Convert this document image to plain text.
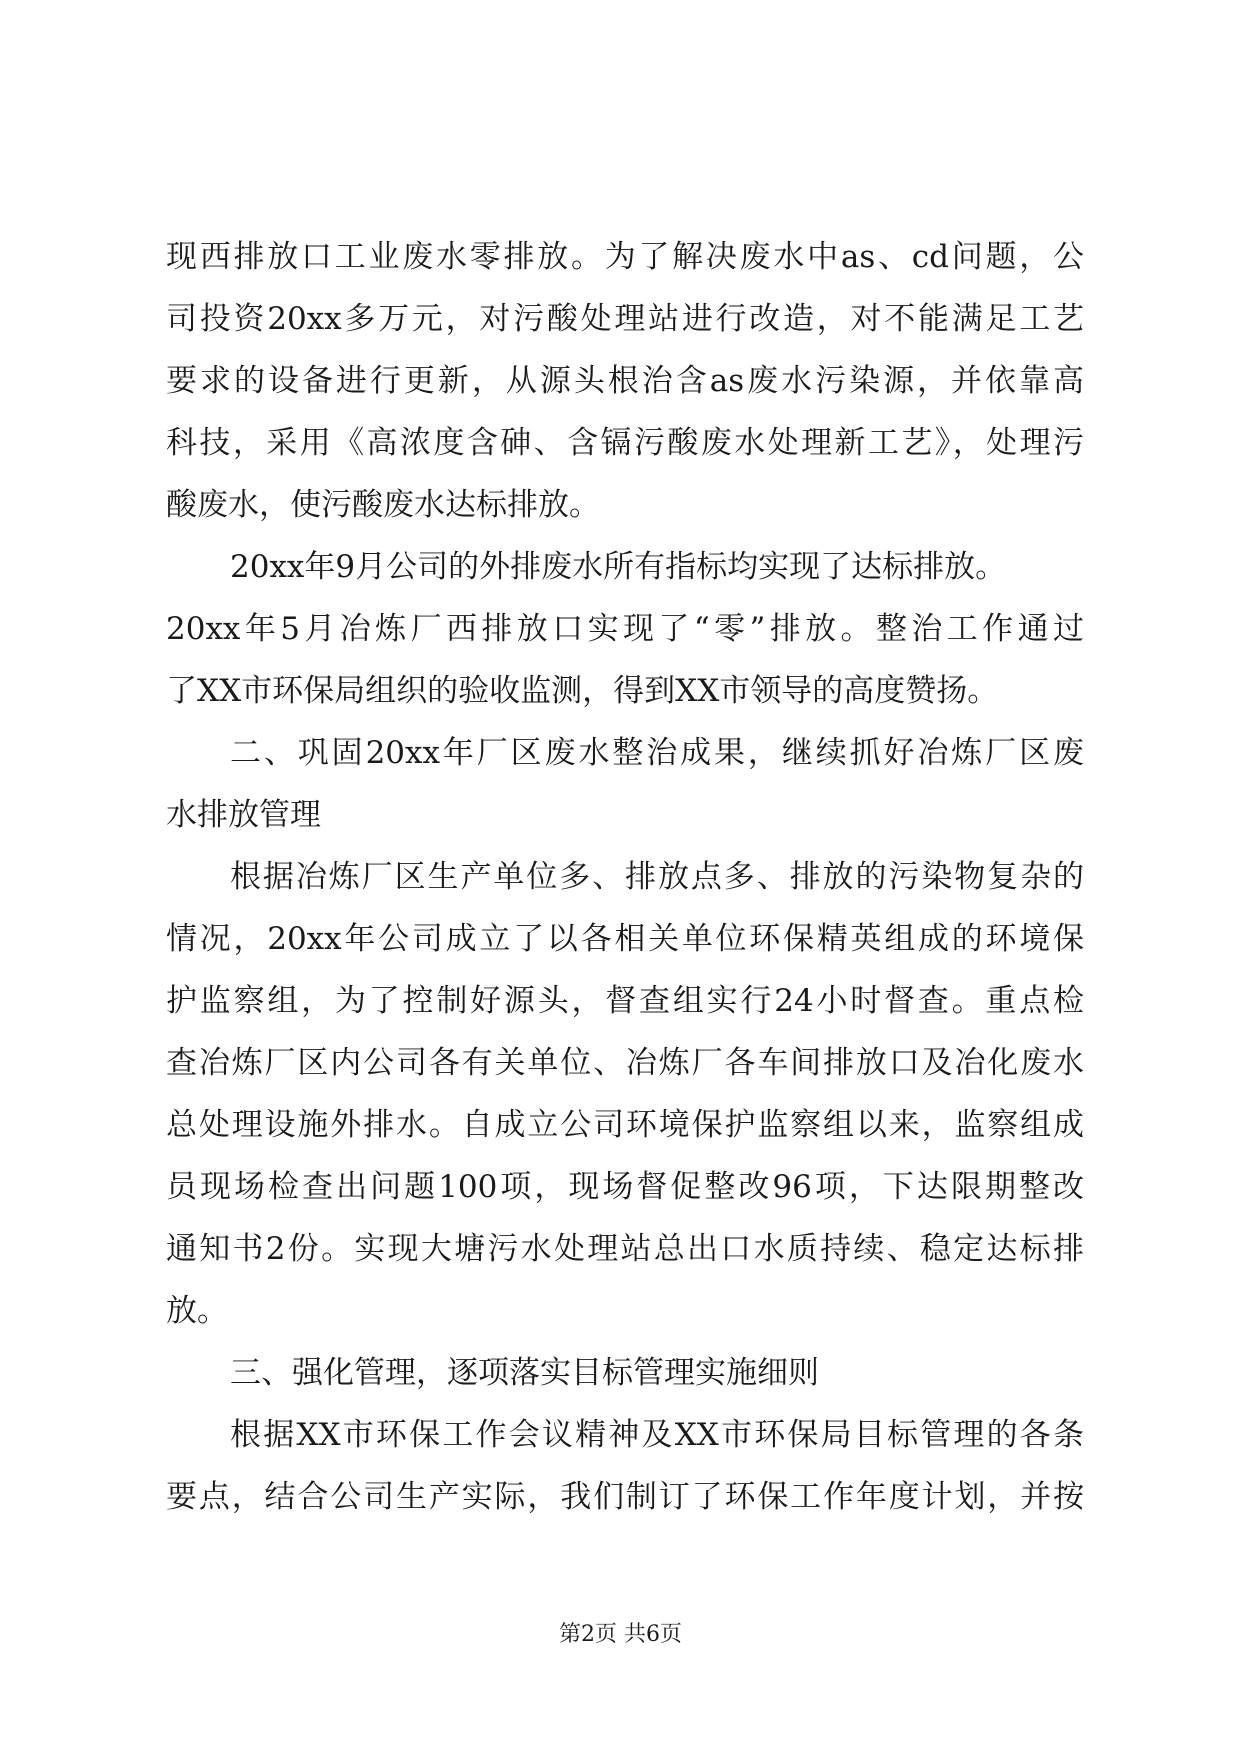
现西排放口工业废水零排放。为了解决废水中as、cd问题，公
司投资20xx多万元，对污酸处理站进行改造，对不能满足工艺
要求的设备进行更新，从源头根治含as废水污染源，并依靠高
科技，采用《高浓度含砷、含镉污酸废水处理新工艺》，处理污
酸废水，使污酸废水达标排放。
20xx年9月公司的外排废水所有指标均实现了达标排放。
20xx年5月冶炼厂西排放口实现了“零”排放。整治工作通过
了XX市环保局组织的验收监测，得到XX市领导的高度赞扬。
二、巩固20xx年厂区废水整治成果，继续抓好冶炼厂区废
水排放管理
根据冶炼厂区生产单位多、排放点多、排放的污染物复杂的
情况，20xx年公司成立了以各相关单位环保精英组成的环境保
护监察组，为了控制好源头，督查组实行24小时督查。重点检
查冶炼厂区内公司各有关单位、冶炼厂各车间排放口及冶化废水
总处理设施外排水。自成立公司环境保护监察组以来，监察组成
员现场检查出问题100项，现场督促整改96项，下达限期整改
通知书2份。实现大塘污水处理站总出口水质持续、稳定达标排
放。
三、强化管理，逐项落实目标管理实施细则
根据XX市环保工作会议精神及XX市环保局目标管理的各条
要点，结合公司生产实际，我们制订了环保工作年度计划，并按
第2页 共6页
